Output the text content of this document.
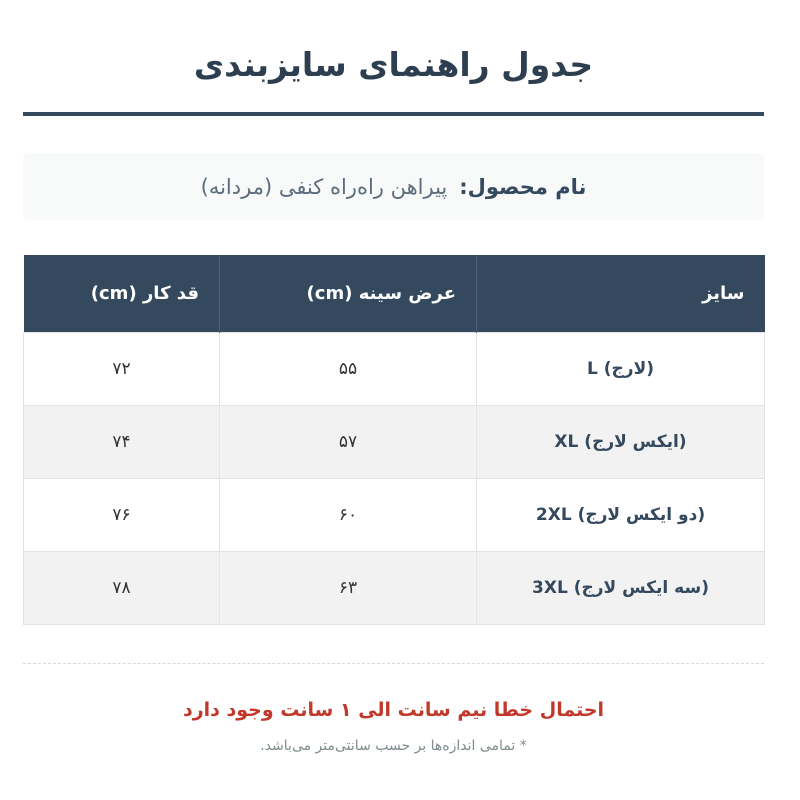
جدول راهنمای سایزبندی
نام محصول:
پیراهن راه‌راه کنفی (مردانه)
سایز	عرض سینه (cm)	قد کار (cm)
(لارج) L	۵۵	۷۲
(ایکس لارج) XL	۵۷	۷۴
(دو ایکس لارج) 2XL	۶۰	۷۶
(سه ایکس لارج) 3XL	۶۳	۷۸

احتمال خطا نیم سانت الی ۱ سانت وجود دارد

* تمامی اندازه‌ها بر حسب سانتی‌متر می‌باشد.
